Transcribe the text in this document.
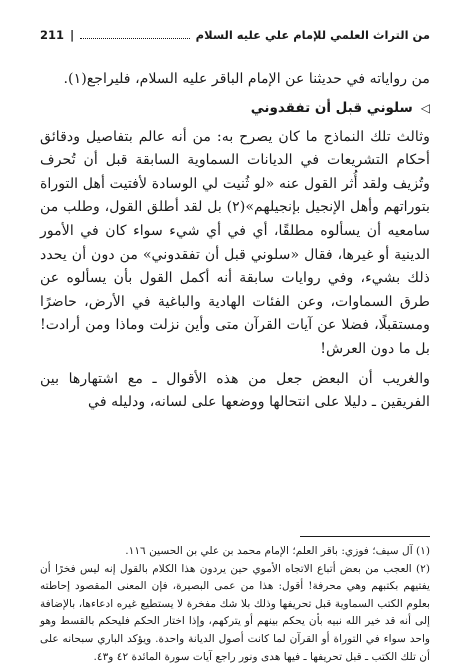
من التراث العلمي للإمام علي عليه السلام
|
211

من رواياته في حديثنا عن الإمام الباقر عليه السلام، فليراجع(١).

◁
سلوني قبل أن تفقدوني

وثالث تلك النماذج ما كان يصرح به: من أنه عالم بتفاصيل ودقائق أحكام التشريعات في الديانات السماوية السابقة قبل أن تُحرف وتُزيف ولقد أُثر القول عنه «لو ثُنيت لي الوسادة لأفتيت أهل التوراة بتوراتهم وأهل الإنجيل بإنجيلهم»(٢) بل لقد أطلق القول، وطلب من سامعيه أن يسألوه مطلقًا، أي في أي شيء سواء كان في الأمور الدينية أو غيرها، فقال «سلوني قبل أن تفقدوني» من دون أن يحدد ذلك بشيء، وفي روايات سابقة أنه أكمل القول بأن يسألوه عن طرق السماوات، وعن الفئات الهادية والباغية في الأرض، حاضرًا ومستقبلًا، فضلا عن آيات القرآن متى وأين نزلت وماذا ومن أرادت! بل ما دون العرش!

والغريب أن البعض جعل من هذه الأقوال ـ مع اشتهارها بين الفريقين ـ دليلا على انتحالها ووضعها على لسانه، ودليله في

(١) آل سيف؛ فوزي: باقر العلم؛ الإمام محمد بن علي بن الحسين ١١٦.

(٢) العجب من بعض أتباع الاتجاه الأموي حين يردون هذا الكلام بالقول إنه ليس فخرًا أن يفتيهم بكتبهم وهي محرفة! أقول: هذا من عمى البصيرة، فإن المعنى المقصود إحاطته بعلوم الكتب السماوية قبل تحريفها وذلك بلا شك مفخرة لا يستطيع غيره ادعاءها، بالإضافة إلى أنه قد خير الله نبيه بأن يحكم بينهم أو يتركهم، وإذا اختار الحكم فليحكم بالقسط وهو واحد سواء في التوراة أو القرآن لما كانت أصول الديانة واحدة. ويؤكد الباري سبحانه على أن تلك الكتب ـ قبل تحريفها ـ فيها هدى ونور راجع آيات سورة المائدة ٤٢ و٤٣.
